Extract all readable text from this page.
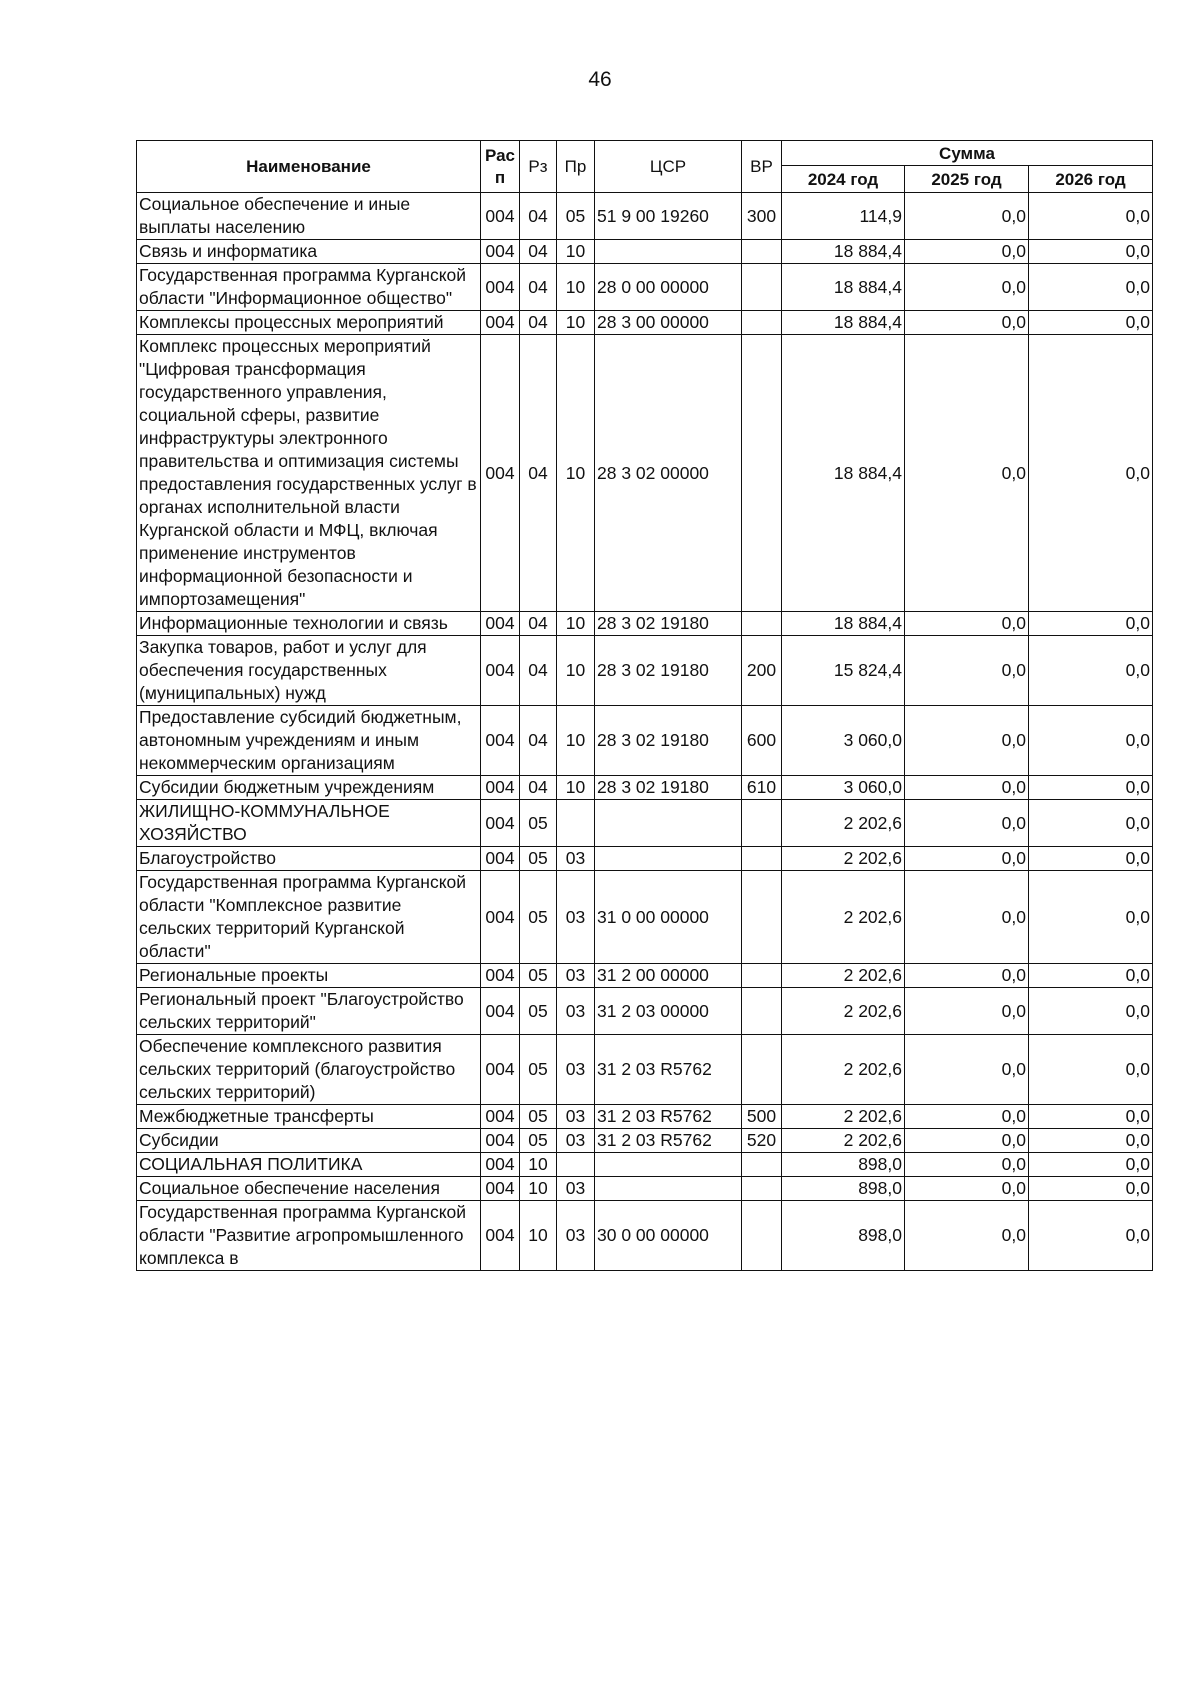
46
Наименование	Рас п	Рз	Пр	ЦСР	ВР	Сумма		
						2024 год	2025 год	2026 год
Социальное обеспечение и иные выплаты населению	004	04	05	51 9 00 19260	300	114,9	0,0	0,0
Связь и информатика	004	04	10			18 884,4	0,0	0,0
Государственная программа Курганской области "Информационное общество"	004	04	10	28 0 00 00000		18 884,4	0,0	0,0
Комплексы процессных мероприятий	004	04	10	28 3 00 00000		18 884,4	0,0	0,0
Комплекс процессных мероприятий "Цифровая трансформация государственного управления, социальной сферы, развитие инфраструктуры электронного правительства и оптимизация системы предоставления государственных услуг в органах исполнительной власти Курганской области и МФЦ, включая применение инструментов информационной безопасности и импортозамещения"	004	04	10	28 3 02 00000		18 884,4	0,0	0,0
Информационные технологии и связь	004	04	10	28 3 02 19180		18 884,4	0,0	0,0
Закупка товаров, работ и услуг для обеспечения государственных (муниципальных) нужд	004	04	10	28 3 02 19180	200	15 824,4	0,0	0,0
Предоставление субсидий бюджетным, автономным учреждениям и иным некоммерческим организациям	004	04	10	28 3 02 19180	600	3 060,0	0,0	0,0
Субсидии бюджетным учреждениям	004	04	10	28 3 02 19180	610	3 060,0	0,0	0,0
ЖИЛИЩНО-КОММУНАЛЬНОЕ ХОЗЯЙСТВО	004	05				2 202,6	0,0	0,0
Благоустройство	004	05	03			2 202,6	0,0	0,0
Государственная программа Курганской области "Комплексное развитие сельских территорий Курганской области"	004	05	03	31 0 00 00000		2 202,6	0,0	0,0
Региональные проекты	004	05	03	31 2 00 00000		2 202,6	0,0	0,0
Региональный проект "Благоустройство сельских территорий"	004	05	03	31 2 03 00000		2 202,6	0,0	0,0
Обеспечение комплексного развития сельских территорий (благоустройство сельских территорий)	004	05	03	31 2 03 R5762		2 202,6	0,0	0,0
Межбюджетные трансферты	004	05	03	31 2 03 R5762	500	2 202,6	0,0	0,0
Субсидии	004	05	03	31 2 03 R5762	520	2 202,6	0,0	0,0
СОЦИАЛЬНАЯ ПОЛИТИКА	004	10				898,0	0,0	0,0
Социальное обеспечение населения	004	10	03			898,0	0,0	0,0
Государственная программа Курганской области "Развитие агропромышленного комплекса в	004	10	03	30 0 00 00000		898,0	0,0	0,0
